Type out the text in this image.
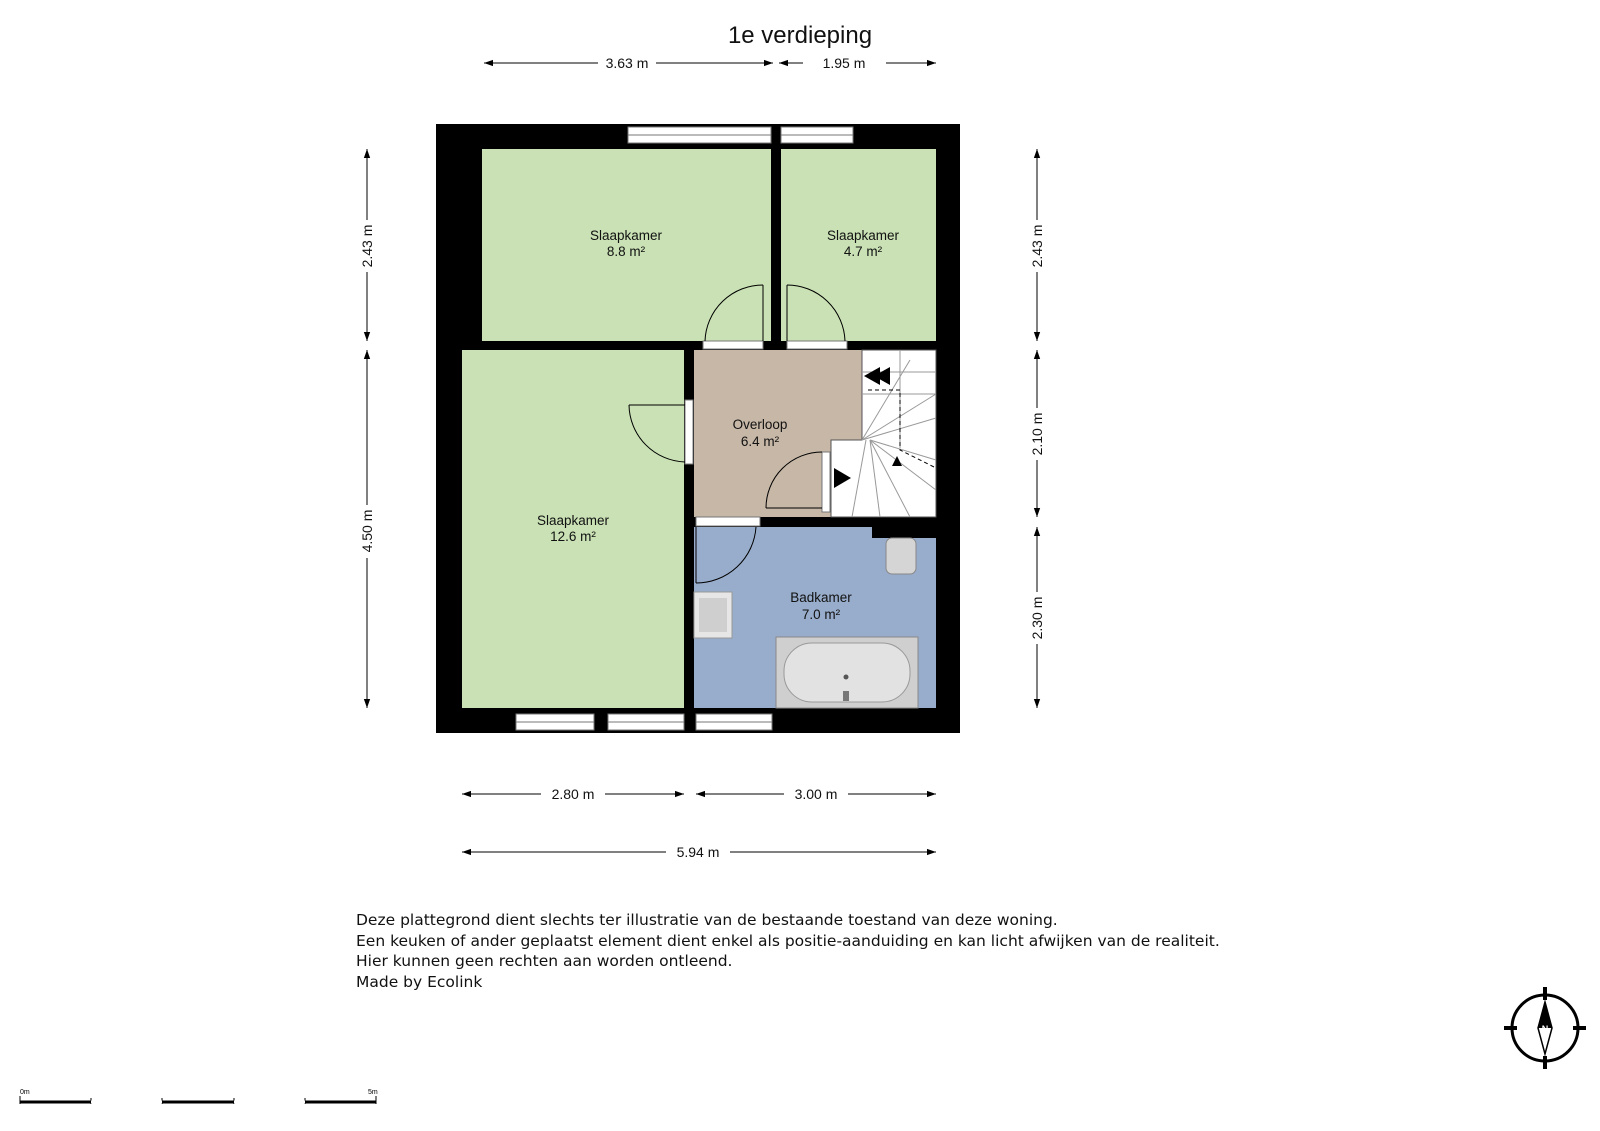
1e verdieping
Slaapkamer
8.8 m²
Slaapkamer
4.7 m²
Slaapkamer
12.6 m²
Overloop
6.4 m²
Badkamer
7.0 m²
3.63 m	1.95 m
2.43 m
4.50 m
2.43 m
2.10 m
2.30 m
2.80 m	3.00 m
5.94 m
N
0m	5m
Deze plattegrond dient slechts ter illustratie van de bestaande toestand van deze woning.
Een keuken of ander geplaatst element dient enkel als positie-aanduiding en kan licht afwijken van de realiteit.
Hier kunnen geen rechten aan worden ontleend.
Made by Ecolink
